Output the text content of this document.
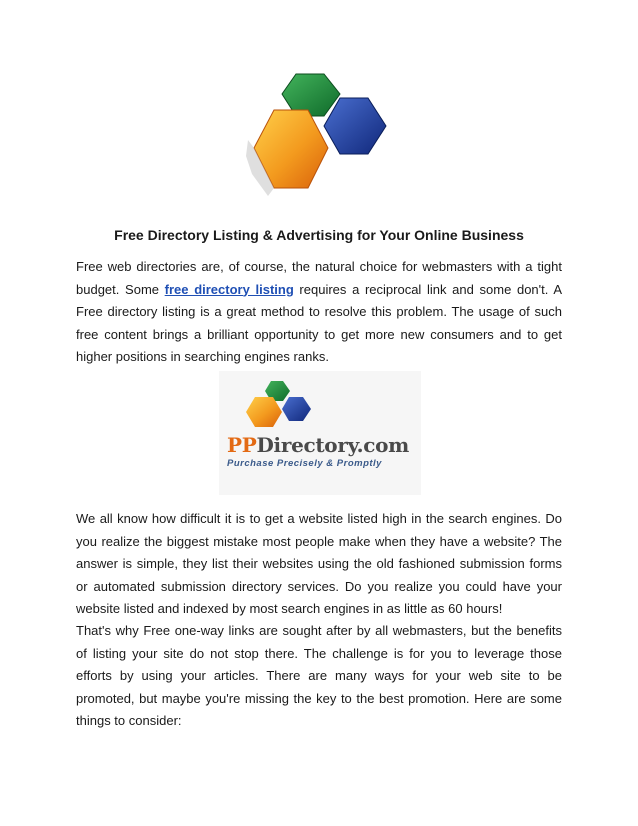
Free Directory Listing & Advertising for Your Online Business

Free web directories are, of course, the natural choice for webmasters with a tight budget. Some free directory listing requires a reciprocal link and some don't. A Free directory listing is a great method to resolve this problem. The usage of such free content brings a brilliant opportunity to get more new consumers and to get higher positions in searching engines ranks.

PPDirectory.com
Purchase Precisely & Promptly

We all know how difficult it is to get a website listed high in the search engines. Do you realize the biggest mistake most people make when they have a website? The answer is simple, they list their websites using the old fashioned submission forms or automated submission directory services. Do you realize you could have your website listed and indexed by most search engines in as little as 60 hours!

That's why Free one-way links are sought after by all webmasters, but the benefits of listing your site do not stop there. The challenge is for you to leverage those efforts by using your articles. There are many ways for your web site to be promoted, but maybe you're missing the key to the best promotion. Here are some things to consider:
